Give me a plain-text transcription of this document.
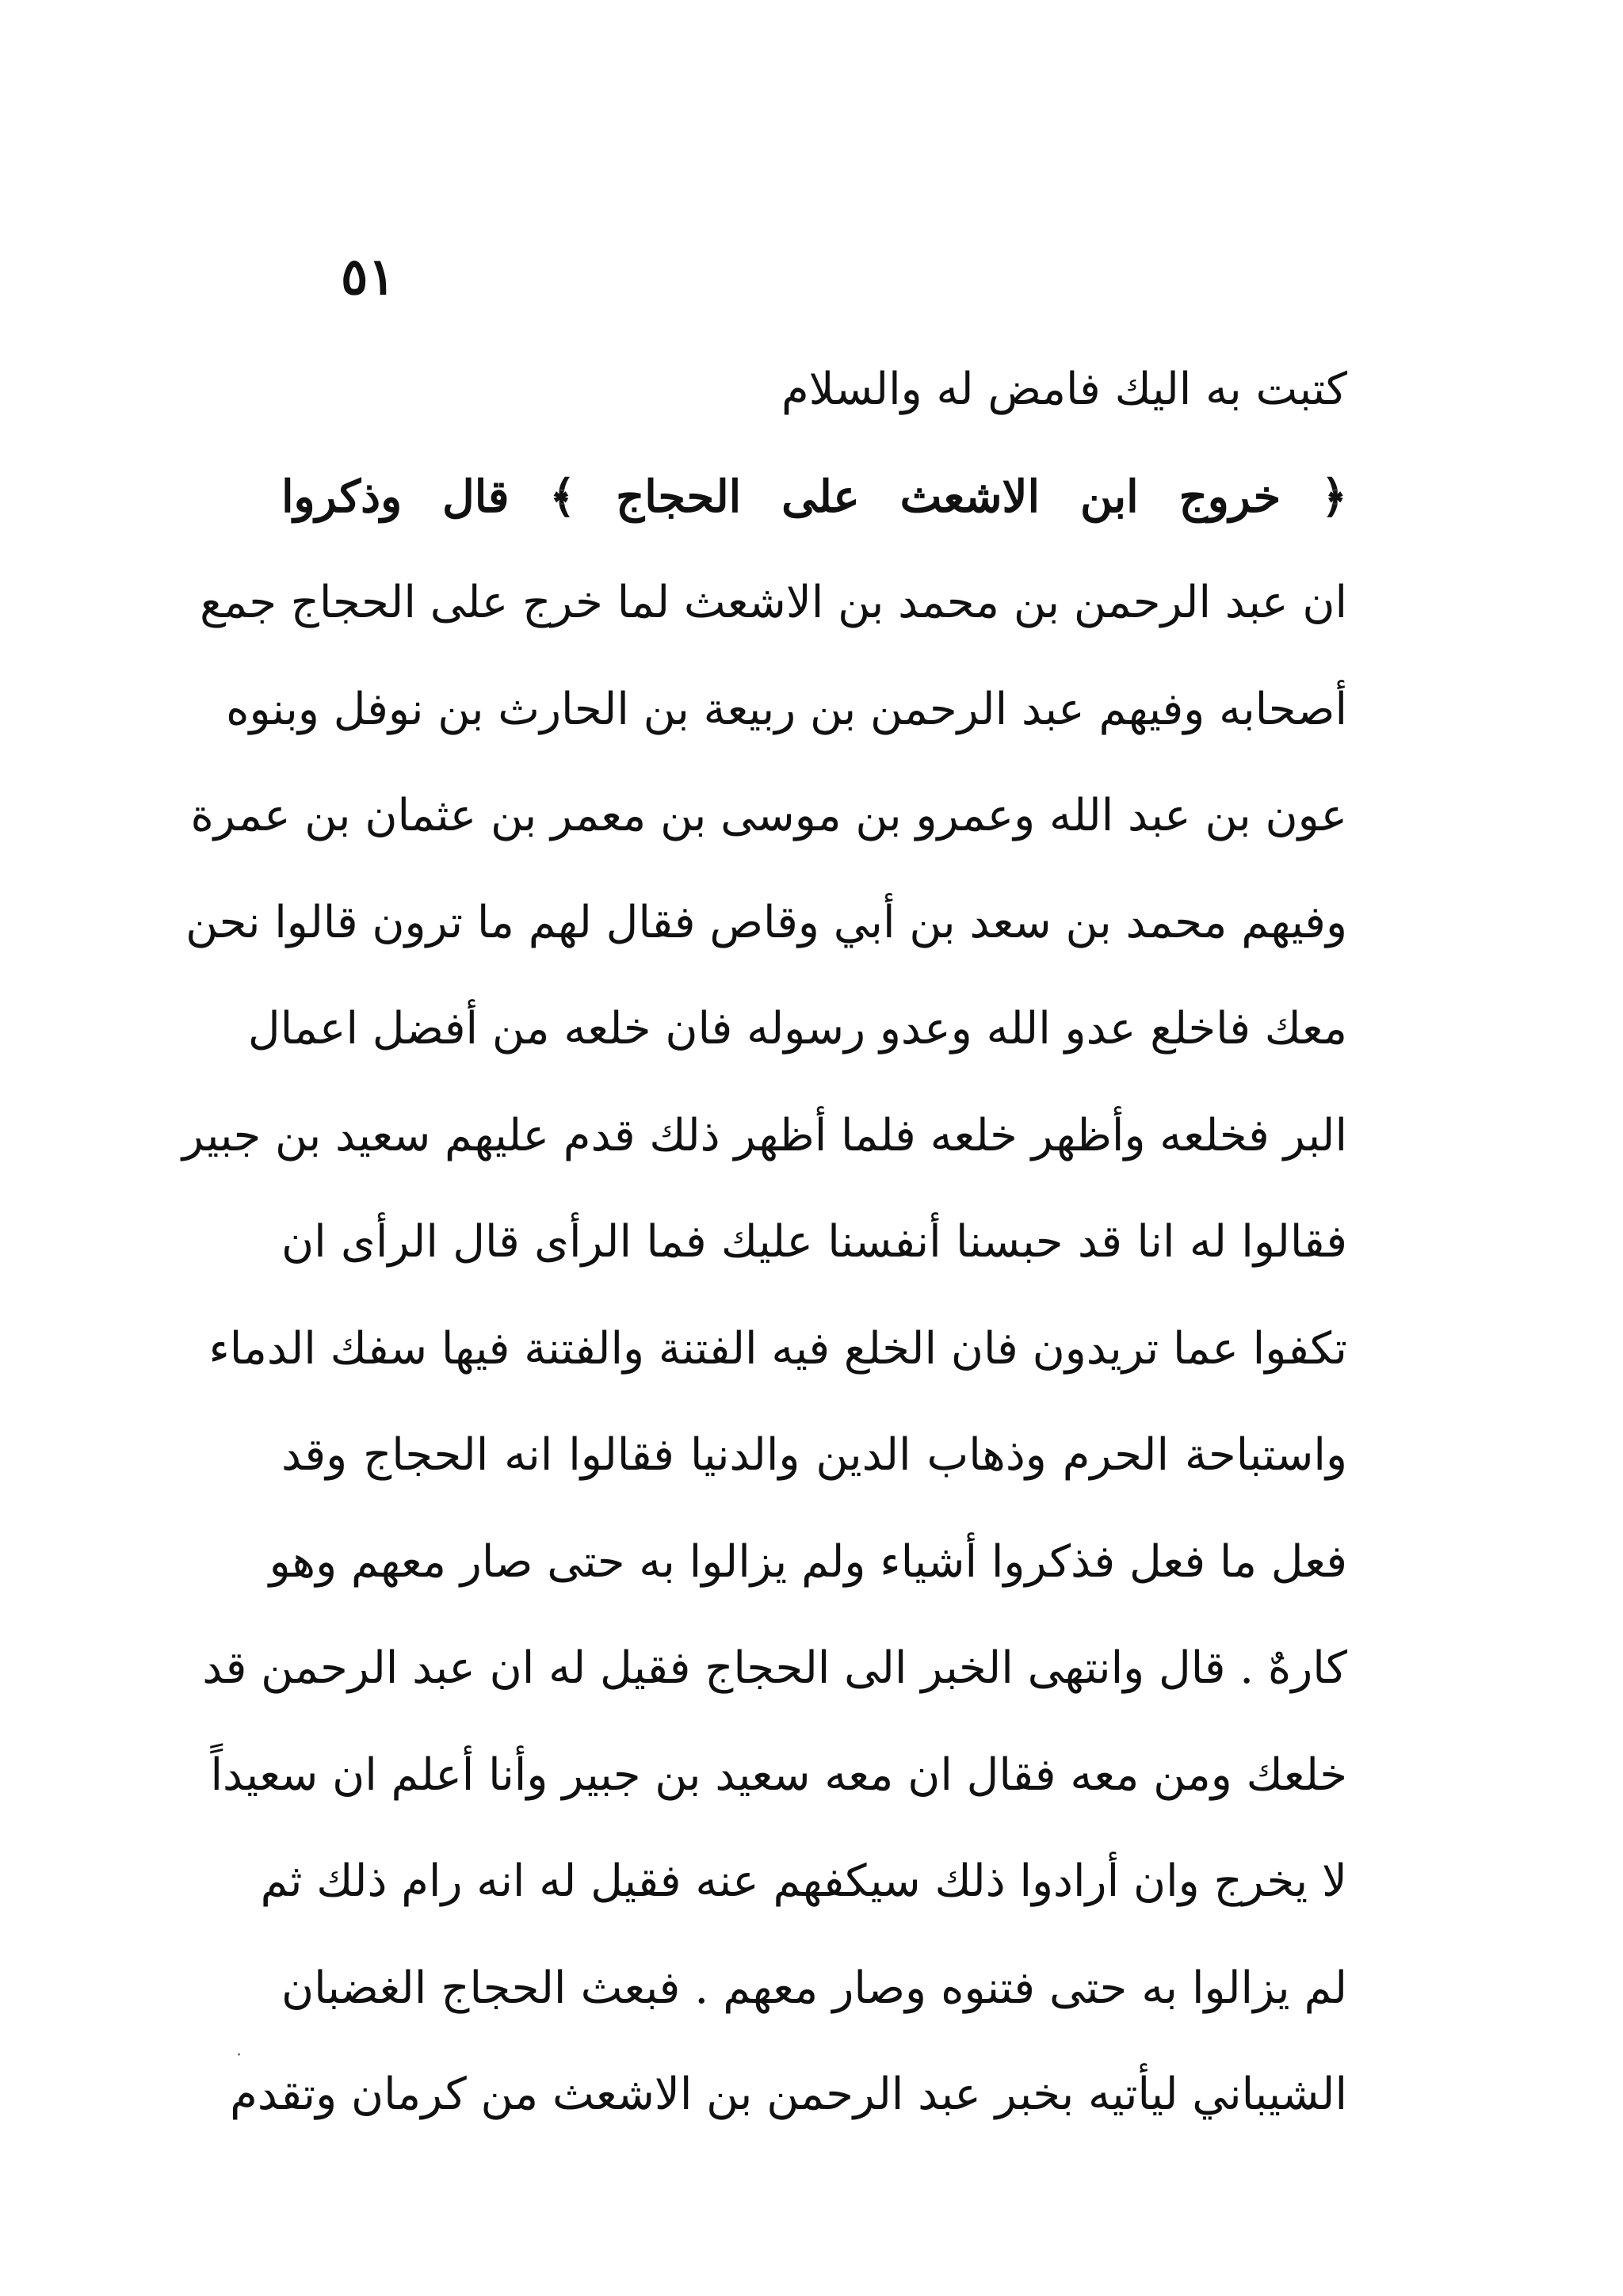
٥١
كتبت به اليك فامض له والسلام
﴿ خروج ابن الاشعث على الحجاج ﴾ قال وذكروا
ان عبد الرحمن بن محمد بن الاشعث لما خرج على الحجاج جمع
أصحابه وفيهم عبد الرحمن بن ربيعة بن الحارث بن نوفل وبنوه
عون بن عبد الله وعمرو بن موسى بن معمر بن عثمان بن عمرة
وفيهم محمد بن سعد بن أبي وقاص فقال لهم ما ترون قالوا نحن
معك فاخلع عدو الله وعدو رسوله فان خلعه من أفضل اعمال
البر فخلعه وأظهر خلعه فلما أظهر ذلك قدم عليهم سعيد بن جبير
فقالوا له انا قد حبسنا أنفسنا عليك فما الرأى قال الرأى ان
تكفوا عما تريدون فان الخلع فيه الفتنة والفتنة فيها سفك الدماء
واستباحة الحرم وذهاب الدين والدنيا فقالوا انه الحجاج وقد
فعل ما فعل فذكروا أشياء ولم يزالوا به حتى صار معهم وهو
كارهٌ . قال وانتهى الخبر الى الحجاج فقيل له ان عبد الرحمن قد
خلعك ومن معه فقال ان معه سعيد بن جبير وأنا أعلم ان سعيداً
لا يخرج وان أرادوا ذلك سيكفهم عنه فقيل له انه رام ذلك ثم
لم يزالوا به حتى فتنوه وصار معهم . فبعث الحجاج الغضبان
الشيباني ليأتيه بخبر عبد الرحمن بن الاشعث من كرمان وتقدم
·
